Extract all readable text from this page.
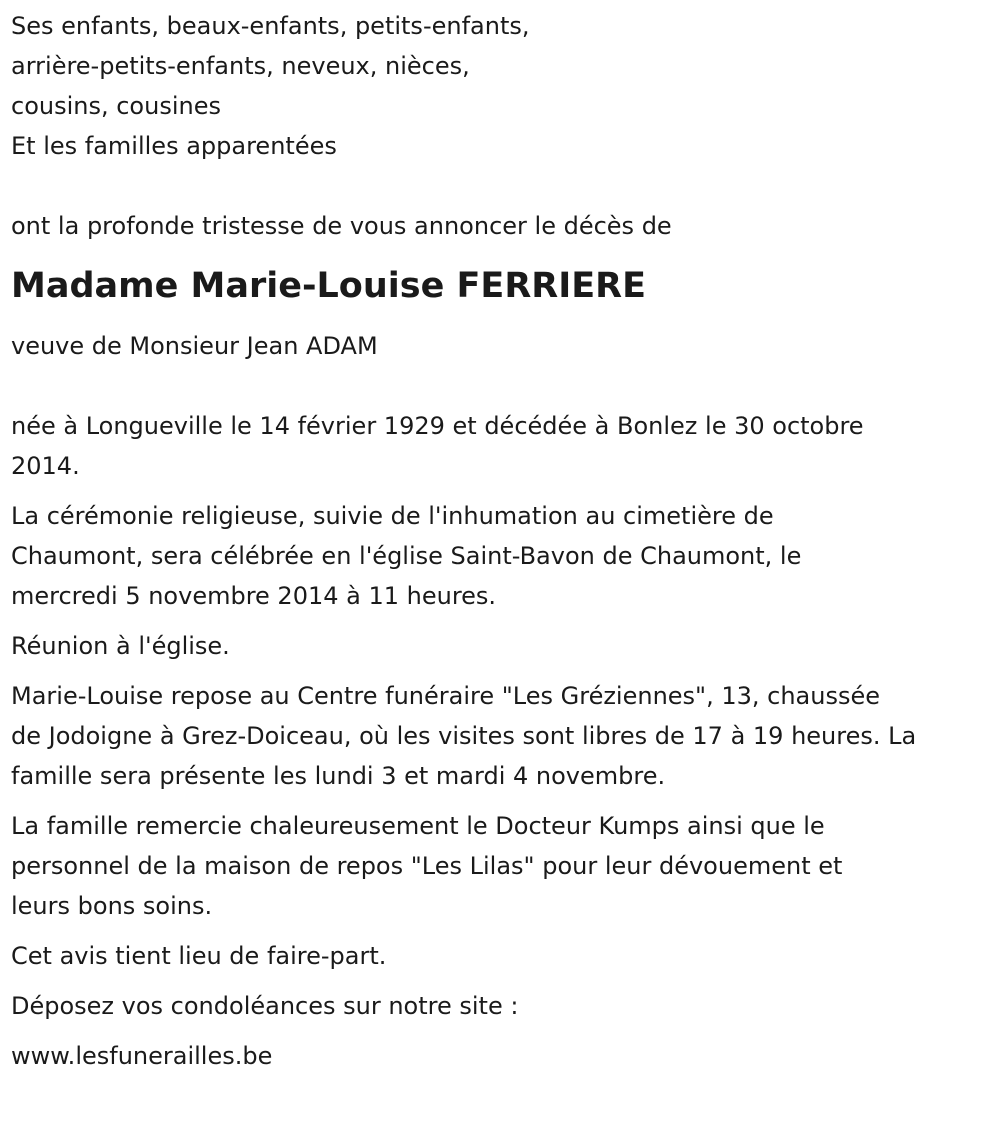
Ses enfants, beaux-enfants, petits-enfants,
arrière-petits-enfants, neveux, nièces,
cousins, cousines
Et les familles apparentées
ont la profonde tristesse de vous annoncer le décès de
Madame Marie-Louise FERRIERE
veuve de Monsieur Jean ADAM
née à Longueville le 14 février 1929 et décédée à Bonlez le 30 octobre
2014.
La cérémonie religieuse, suivie de l'inhumation au cimetière de
Chaumont, sera célébrée en l'église Saint-Bavon de Chaumont, le
mercredi 5 novembre 2014 à 11 heures.
Réunion à l'église.
Marie-Louise repose au Centre funéraire "Les Gréziennes", 13, chaussée
de Jodoigne à Grez-Doiceau, où les visites sont libres de 17 à 19 heures. La
famille sera présente les lundi 3 et mardi 4 novembre.
La famille remercie chaleureusement le Docteur Kumps ainsi que le
personnel de la maison de repos "Les Lilas" pour leur dévouement et
leurs bons soins.
Cet avis tient lieu de faire-part.
Déposez vos condoléances sur notre site :
www.lesfunerailles.be
